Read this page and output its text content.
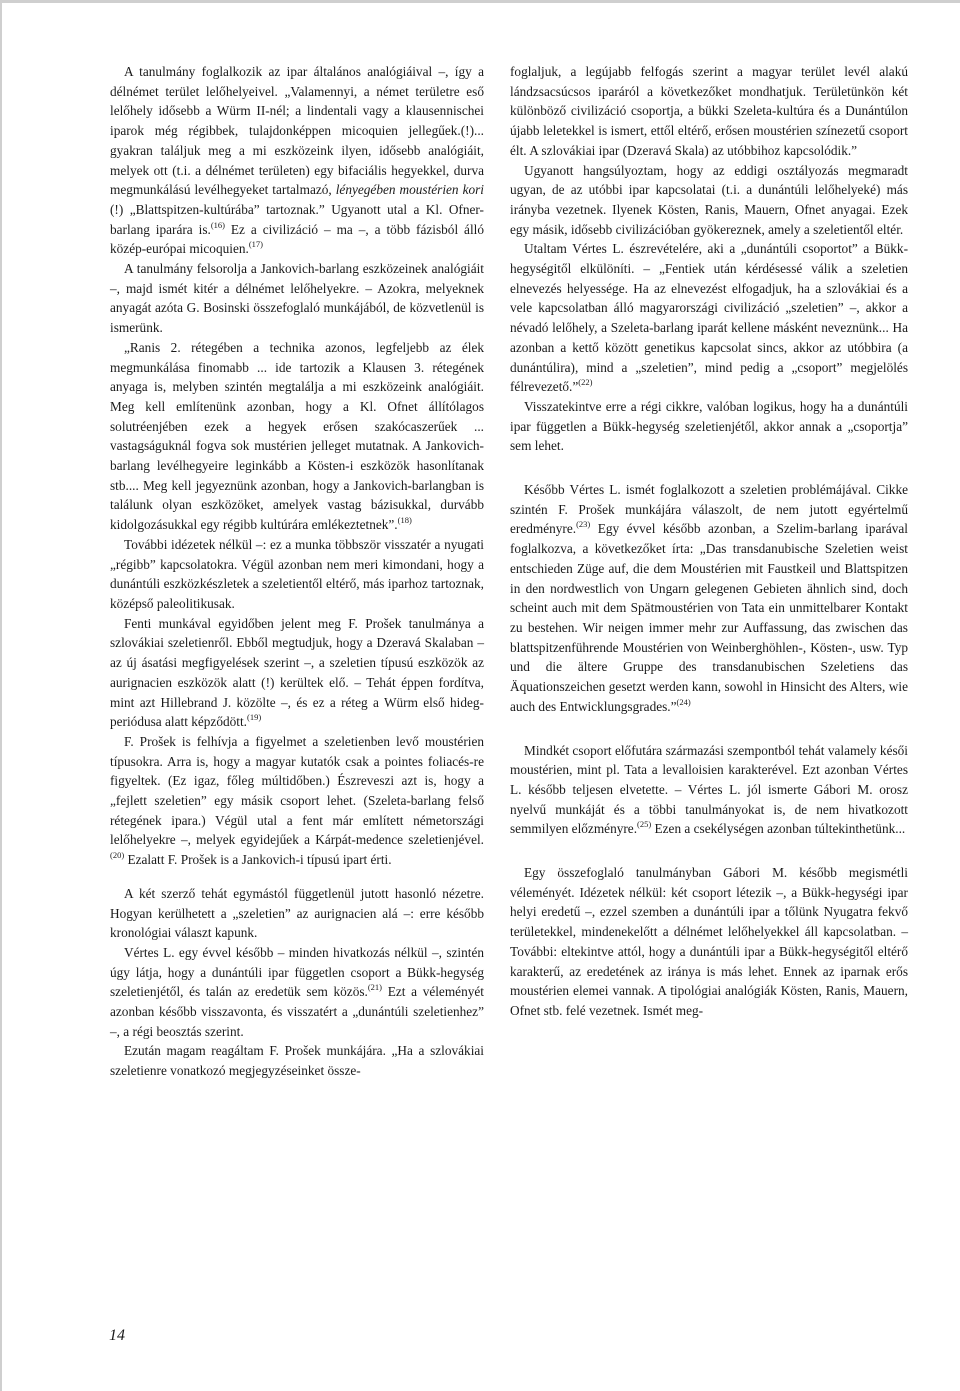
A tanulmány foglalkozik az ipar általános analógiáival –, így a délnémet terület lelőhelyeivel. „Valamennyi, a német területre eső lelőhely idősebb a Würm II-nél; a lindentali vagy a klausennischei iparok még régibbek, tulajdonképpen micoquien jellegűek.(!)... gyakran találjuk meg a mi eszközeink ilyen, idősebb analógiáit, melyek ott (t.i. a délnémet területen) egy bifaciális hegyekkel, durva megmunkálású levélhegyeket tartalmazó, lényegében moustérien kori (!) „Blattspitzen-kultúrába” tartoznak.” Ugyanott utal a Kl. Ofner-barlang iparára is.$^{(16)}$ Ez a civilizáció – ma –, a több fázisból álló közép-európai micoquien.$^{(17)}$

A tanulmány felsorolja a Jankovich-barlang eszközeinek analógiáit –, majd ismét kitér a délnémet lelőhelyekre. – Azokra, melyeknek anyagát azóta G. Bosinski összefoglaló munkájából, de közvetlenül is ismerünk.

„Ranis 2. rétegében a technika azonos, legfeljebb az élek megmunkálása finomabb ... ide tartozik a Klausen 3. rétegének anyaga is, melyben szintén megtalálja a mi eszközeink analógiáit. Meg kell említenünk azonban, hogy a Kl. Ofnet állítólagos solutréenjében ezek a hegyek erősen szakócaszerűek ... vastagságuknál fogva sok mustérien jelleget mutatnak. A Jankovich-barlang levélhegyeire leginkább a Kösten-i eszközök hasonlítanak stb.... Meg kell jegyeznünk azonban, hogy a Jankovich-barlangban is találunk olyan eszközöket, amelyek vastag bázisukkal, durvább kidolgozásukkal egy régibb kultúrára emlékeztetnek”.$^{(18)}$

További idézetek nélkül –: ez a munka többször visszatér a nyugati „régibb” kapcsolatokra. Végül azonban nem meri kimondani, hogy a dunántúli eszközkészletek a szeletientől eltérő, más iparhoz tartoznak, középső paleolitikusak.

Fenti munkával egyidőben jelent meg F. Prošek tanulmánya a szlovákiai szeletienről. Ebből megtudjuk, hogy a Dzeravá Skalaban – az új ásatási megfigyelések szerint –, a szeletien típusú eszközök az aurignacien eszközök alatt (!) kerültek elő. – Tehát éppen fordítva, mint azt Hillebrand J. közölte –, és ez a réteg a Würm első hideg-periódusa alatt képződött.$^{(19)}$

F. Prošek is felhívja a figyelmet a szeletienben levő moustérien típusokra. Arra is, hogy a magyar kutatók csak a pointes foliacés-re figyeltek. (Ez igaz, főleg múltidőben.) Észreveszi azt is, hogy a „fejlett szeletien” egy másik csoport lehet. (Szeleta-barlang felső rétegének ipara.) Végül utal a fent már említett németországi lelőhelyekre –, melyek egyidejűek a Kárpát-medence szeletienjével.$^{(20)}$ Ezalatt F. Prošek is a Jankovich-i típusú ipart érti.

A két szerző tehát egymástól függetlenül jutott hasonló nézetre. Hogyan kerülhetett a „szeletien” az aurignacien alá –: erre később kronológiai választ kapunk.

Vértes L. egy évvel később – minden hivatkozás nélkül –, szintén úgy látja, hogy a dunántúli ipar független csoport a Bükk-hegység szeletienjétől, és talán az eredetük sem közös.$^{(21)}$ Ezt a véleményét azonban később visszavonta, és visszatért a „dunántúli szeletienhez” –, a régi beosztás szerint.

Ezután magam reagáltam F. Prošek munkájára. „Ha a szlovákiai szeletienre vonatkozó megjegyzéseinket össze-

foglaljuk, a legújabb felfogás szerint a magyar terület levél alakú lándzsacsúcsos iparáról a következőket mondhatjuk. Területünkön két különböző civilizáció csoportja, a bükki Szeleta-kultúra és a Dunántúlon újabb leletekkel is ismert, ettől eltérő, erősen moustérien színezetű csoport élt. A szlovákiai ipar (Dzeravá Skala) az utóbbihoz kapcsolódik.”

Ugyanott hangsúlyoztam, hogy az eddigi osztályozás megmaradt ugyan, de az utóbbi ipar kapcsolatai (t.i. a dunántúli lelőhelyeké) más irányba vezetnek. Ilyenek Kösten, Ranis, Mauern, Ofnet anyagai. Ezek egy másik, idősebb civilizációban gyökereznek, amely a szeletientől eltér.

Utaltam Vértes L. észrevételére, aki a „dunántúli csoportot” a Bükk-hegységitől elkülöníti. – „Fentiek után kérdésessé válik a szeletien elnevezés helyessége. Ha az elnevezést elfogadjuk, ha a szlovákiai és a vele kapcsolatban álló magyarországi civilizáció „szeletien” –, akkor a névadó lelőhely, a Szeleta-barlang iparát kellene másként neveznünk... Ha azonban a kettő között genetikus kapcsolat sincs, akkor az utóbbira (a dunántúlira), mind a „szeletien”, mind pedig a „csoport” megjelölés félrevezető.”$^{(22)}$

Visszatekintve erre a régi cikkre, valóban logikus, hogy ha a dunántúli ipar független a Bükk-hegység szeletienjétől, akkor annak a „csoportja” sem lehet.

Később Vértes L. ismét foglalkozott a szeletien problémájával. Cikke szintén F. Prošek munkájára válaszolt, de nem jutott egyértelmű eredményre.$^{(23)}$ Egy évvel később azonban, a Szelim-barlang iparával foglalkozva, a következőket írta: „Das transdanubische Szeletien weist entschieden Züge auf, die dem Moustérien mit Faustkeil und Blattspitzen in den nordwestlich von Ungarn gelegenen Gebieten ähnlich sind, doch scheint auch mit dem Spätmoustérien von Tata ein unmittelbarer Kontakt zu bestehen. Wir neigen immer mehr zur Auffassung, das zwischen das blattspitzenführende Moustérien von Weinberghöhlen-, Kösten-, usw. Typ und die ältere Gruppe des transdanubischen Szeletiens das Äquationszeichen gesetzt werden kann, sowohl in Hinsicht des Alters, wie auch des Entwicklungsgrades.”$^{(24)}$

Mindkét csoport előfutára származási szempontból tehát valamely késői moustérien, mint pl. Tata a levalloisien karakterével. Ezt azonban Vértes L. később teljesen elvetette. – Vértes L. jól ismerte Gábori M. orosz nyelvű munkáját és a többi tanulmányokat is, de nem hivatkozott semmilyen előzményre.$^{(25)}$ Ezen a csekélységen azonban túltekinthetünk...

Egy összefoglaló tanulmányban Gábori M. később megismétli véleményét. Idézetek nélkül: két csoport létezik –, a Bükk-hegységi ipar helyi eredetű –, ezzel szemben a dunántúli ipar a tőlünk Nyugatra fekvő területekkel, mindenekelőtt a délnémet lelőhelyekkel áll kapcsolatban. – További: eltekintve attól, hogy a dunántúli ipar a Bükk-hegységitől eltérő karakterű, az eredetének az iránya is más lehet. Ennek az iparnak erős moustérien elemei vannak. A tipológiai analógiák Kösten, Ranis, Mauern, Ofnet stb. felé vezetnek. Ismét meg-

14
